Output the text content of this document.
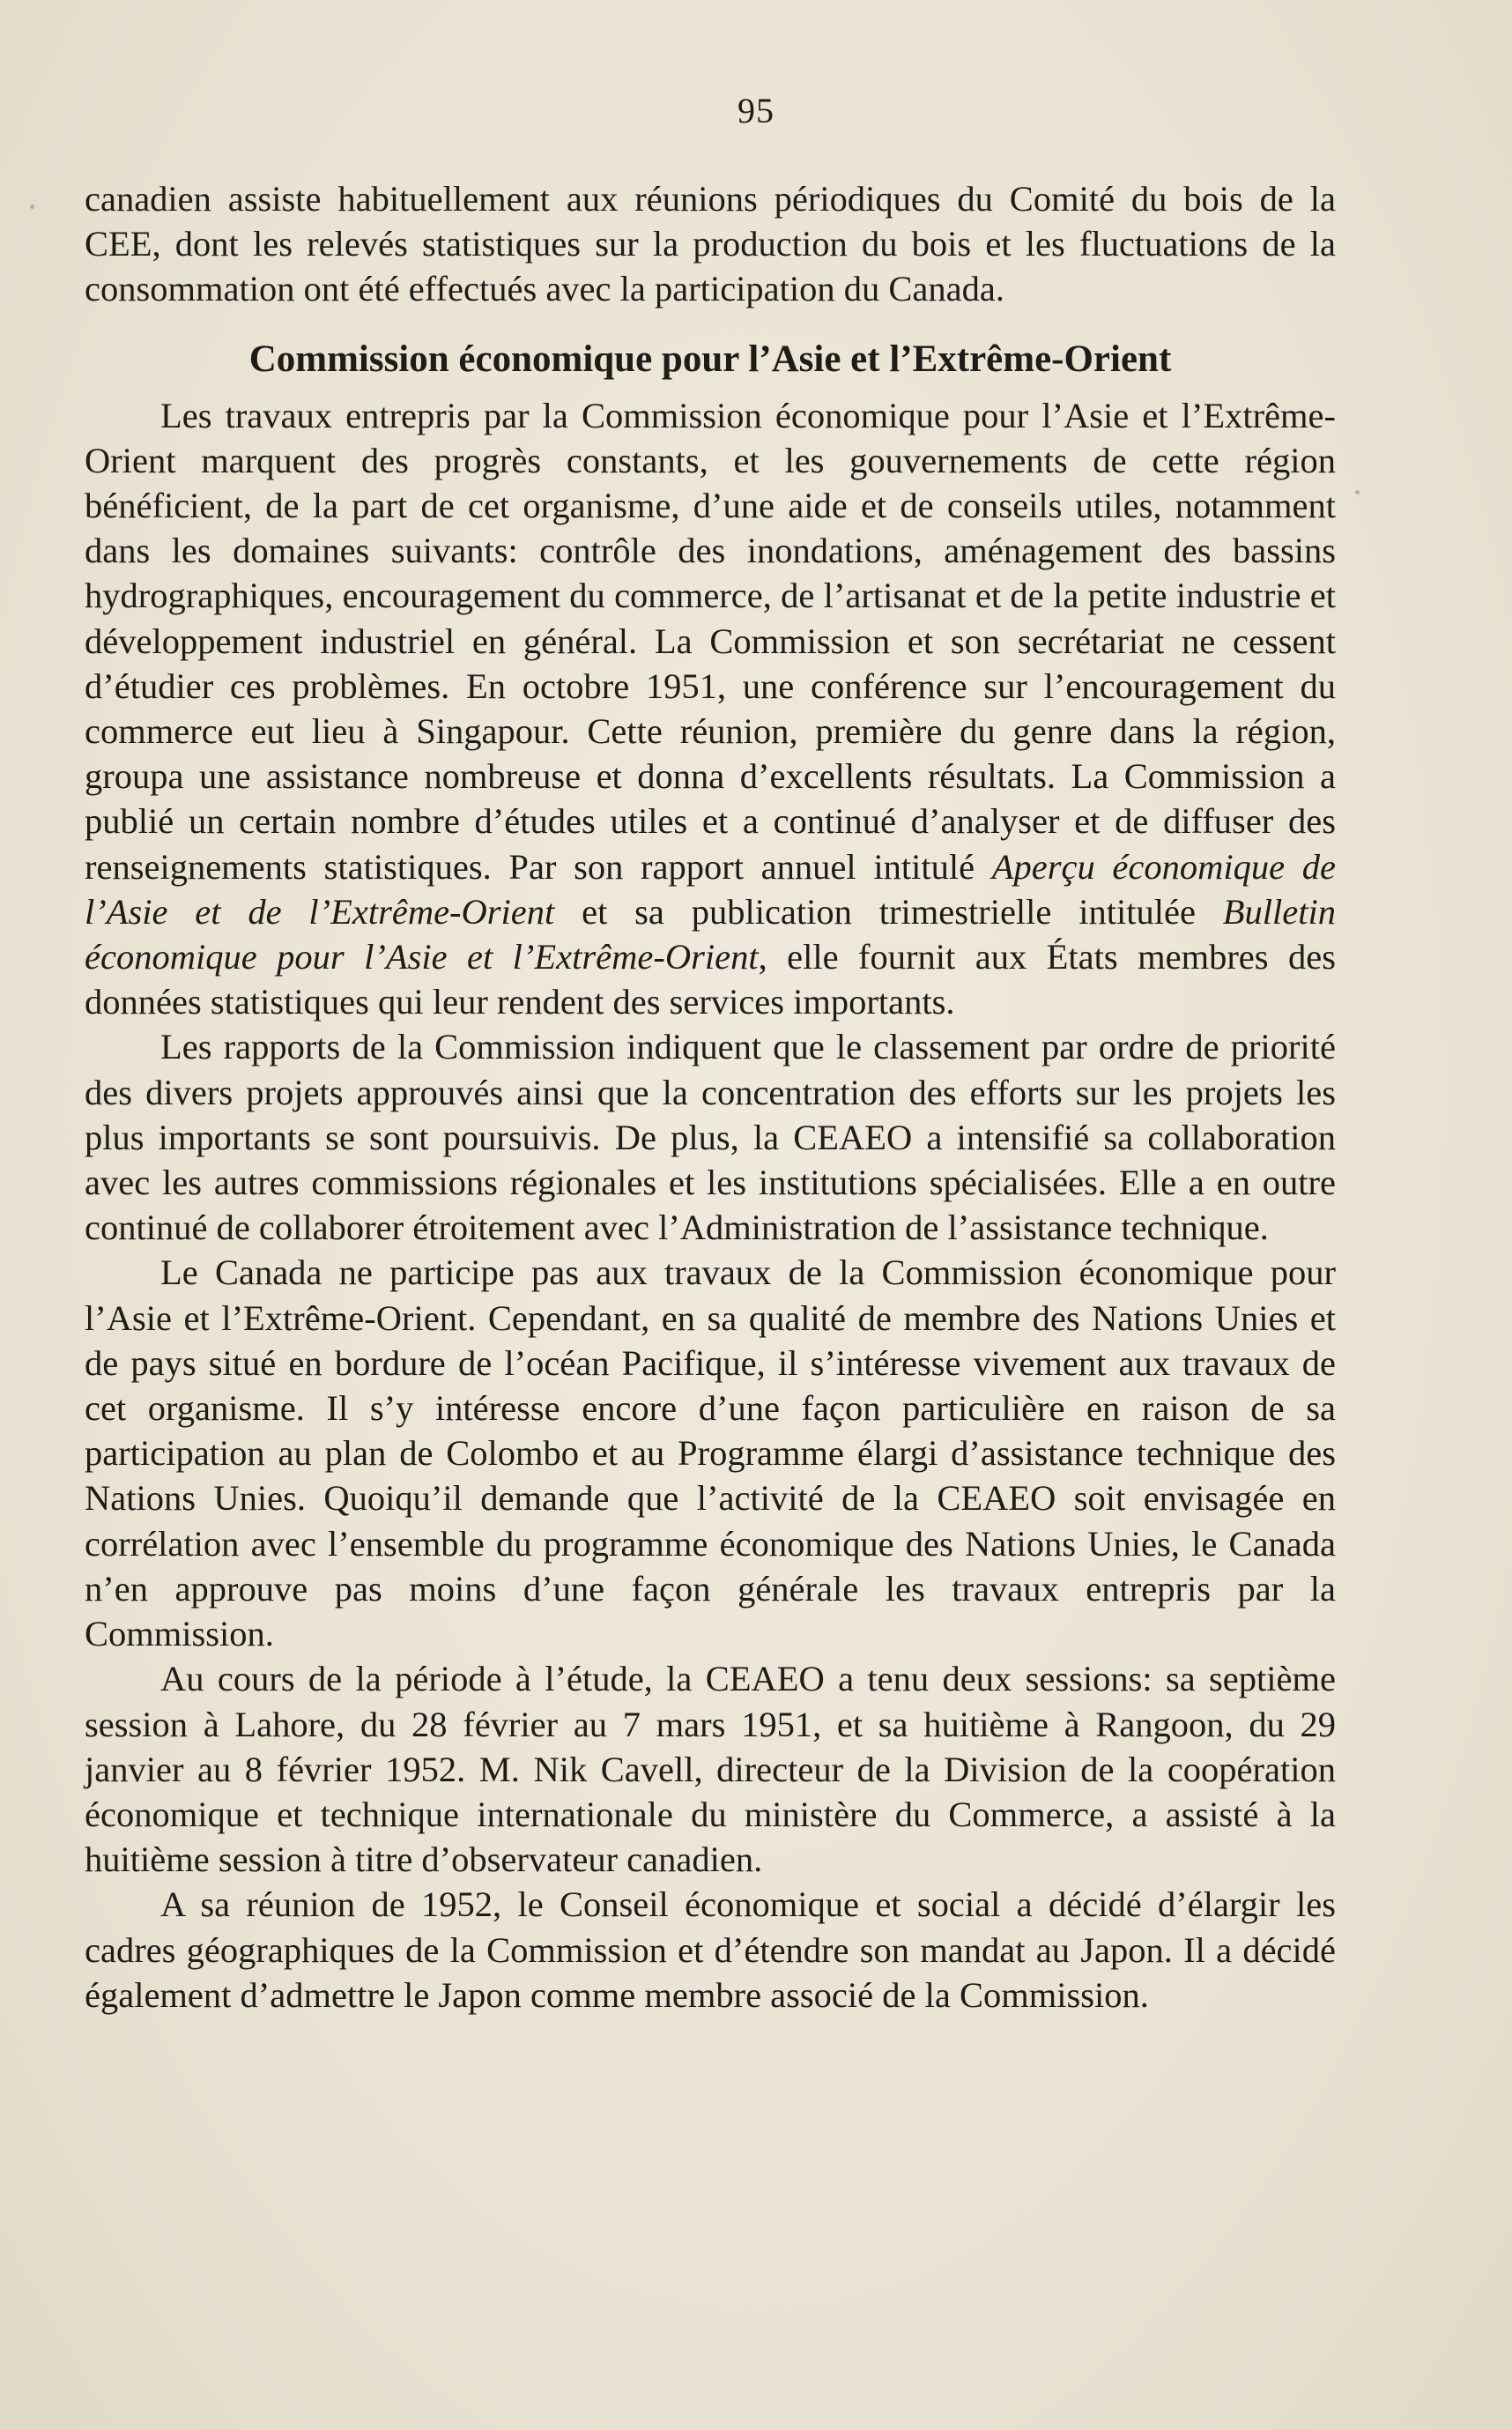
95

canadien assiste habituellement aux réunions périodiques du Comité du bois de la CEE, dont les relevés statistiques sur la production du bois et les fluctuations de la consommation ont été effectués avec la participation du Canada.

Commission économique pour l’Asie et l’Extrême-Orient

Les travaux entrepris par la Commission économique pour l’Asie et l’Extrême-Orient marquent des progrès constants, et les gouvernements de cette région bénéficient, de la part de cet organisme, d’une aide et de conseils utiles, notamment dans les domaines suivants: contrôle des inondations, aménagement des bassins hydrographiques, encouragement du commerce, de l’artisanat et de la petite industrie et développement industriel en général. La Commission et son secrétariat ne cessent d’étudier ces problèmes. En octobre 1951, une conférence sur l’encouragement du commerce eut lieu à Singapour. Cette réunion, première du genre dans la région, groupa une assistance nombreuse et donna d’excellents résultats. La Commission a publié un certain nombre d’études utiles et a continué d’analyser et de diffuser des renseignements statistiques. Par son rapport annuel intitulé Aperçu économique de l’Asie et de l’Extrême-Orient et sa publication trimestrielle intitulée Bulletin économique pour l’Asie et l’Extrême-Orient, elle fournit aux États membres des données statistiques qui leur rendent des services importants.

Les rapports de la Commission indiquent que le classement par ordre de priorité des divers projets approuvés ainsi que la concentration des efforts sur les projets les plus importants se sont poursuivis. De plus, la CEAEO a intensifié sa collaboration avec les autres commissions régionales et les institutions spécialisées. Elle a en outre continué de collaborer étroitement avec l’Administration de l’assistance technique.

Le Canada ne participe pas aux travaux de la Commission économique pour l’Asie et l’Extrême-Orient. Cependant, en sa qualité de membre des Nations Unies et de pays situé en bordure de l’océan Pacifique, il s’intéresse vivement aux travaux de cet organisme. Il s’y intéresse encore d’une façon particulière en raison de sa participation au plan de Colombo et au Programme élargi d’assistance technique des Nations Unies. Quoiqu’il demande que l’activité de la CEAEO soit envisagée en corrélation avec l’ensemble du programme économique des Nations Unies, le Canada n’en approuve pas moins d’une façon générale les travaux entrepris par la Commission.

Au cours de la période à l’étude, la CEAEO a tenu deux sessions: sa septième session à Lahore, du 28 février au 7 mars 1951, et sa huitième à Rangoon, du 29 janvier au 8 février 1952. M. Nik Cavell, directeur de la Division de la coopération économique et technique internationale du ministère du Commerce, a assisté à la huitième session à titre d’observateur canadien.

A sa réunion de 1952, le Conseil économique et social a décidé d’élargir les cadres géographiques de la Commission et d’étendre son mandat au Japon. Il a décidé également d’admettre le Japon comme membre associé de la Commission.
